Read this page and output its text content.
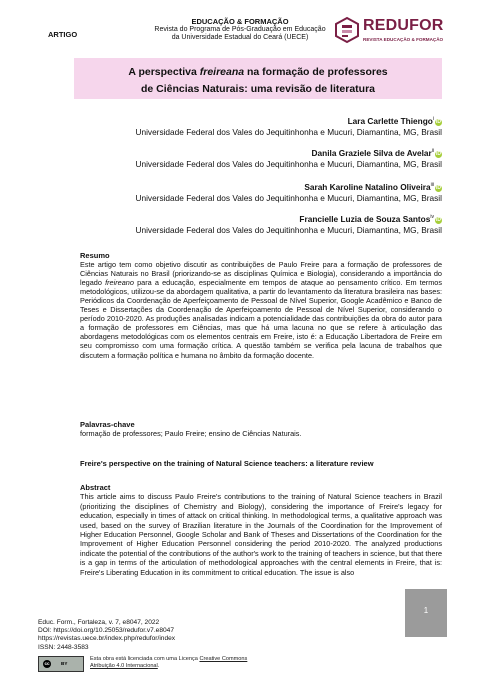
ARTIGO
EDUCAÇÃO & FORMAÇÃO
Revista do Programa de Pós-Graduação em Educação
da Universidade Estadual do Ceará (UECE)
REDUFOR
REVISTA EDUCAÇÃO & FORMAÇÃO
A perspectiva freireana na formação de professores
de Ciências Naturais: uma revisão de literatura
Lara Carlette Thiengo$^i$ iD
Universidade Federal dos Vales do Jequitinhonha e Mucuri, Diamantina, MG, Brasil
Danila Graziele Silva de Avelar$^{ii}$ iD
Universidade Federal dos Vales do Jequitinhonha e Mucuri, Diamantina, MG, Brasil
Sarah Karoline Natalino Oliveira$^{iii}$ iD
Universidade Federal dos Vales do Jequitinhonha e Mucuri, Diamantina, MG, Brasil
Francielle Luzia de Souza Santos$^{iv}$ iD
Universidade Federal dos Vales do Jequitinhonha e Mucuri, Diamantina, MG, Brasil
Resumo
Este artigo tem como objetivo discutir as contribuições de Paulo Freire para a formação de professores de Ciências Naturais no Brasil (priorizando-se as disciplinas Química e Biologia), considerando a importância do legado freireano para a educação, especialmente em tempos de ataque ao pensamento crítico. Em termos metodológicos, utilizou-se da abordagem qualitativa, a partir do levantamento da literatura brasileira nas bases: Periódicos da Coordenação de Aperfeiçoamento de Pessoal de Nível Superior, Google Acadêmico e Banco de Teses e Dissertações da Coordenação de Aperfeiçoamento de Pessoal de Nível Superior, considerando o período 2010-2020. As produções analisadas indicam a potencialidade das contribuições da obra do autor para a formação de professores em Ciências, mas que há uma lacuna no que se refere à articulação das abordagens metodológicas com os elementos centrais em Freire, isto é: a Educação Libertadora de Freire em seu compromisso com uma formação crítica. A questão também se verifica pela lacuna de trabalhos que discutem a formação política e humana no âmbito da formação docente.
Palavras-chave
formação de professores; Paulo Freire; ensino de Ciências Naturais.
Freire's perspective on the training of Natural Science teachers: a literature review
Abstract
This article aims to discuss Paulo Freire's contributions to the training of Natural Science teachers in Brazil (prioritizing the disciplines of Chemistry and Biology), considering the importance of Freire's legacy for education, especially in times of attack on critical thinking. In methodological terms, a qualitative approach was used, based on the survey of Brazilian literature in the Journals of the Coordination for the Improvement of Higher Education Personnel, Google Scholar and Bank of Theses and Dissertations of the Coordination for the Improvement of Higher Education Personnel considering the period 2010-2020. The analyzed productions indicate the potential of the contributions of the author's work to the training of teachers in science, but that there is a gap in terms of the articulation of methodological approaches with the central elements in Freire, that is: Freire's Liberating Education in its commitment to critical education. The issue is also
Educ. Form., Fortaleza, v. 7, e8047, 2022
DOI: https://doi.org/10.25053/redufor.v7.e8047
https://revistas.uece.br/index.php/redufor/index
ISSN: 2448-3583
cc	BY
Esta obra está licenciada com uma Licença Creative Commons
Atribuição 4.0 Internacional.
1
